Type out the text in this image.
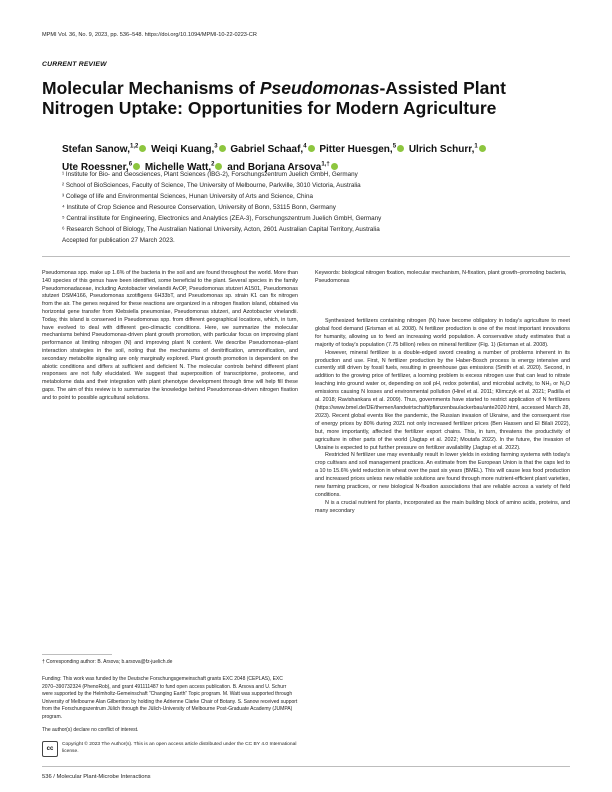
MPMI Vol. 36, No. 9, 2023, pp. 536–548. https://doi.org/10.1094/MPMI-10-22-0223-CR
CURRENT REVIEW
Molecular Mechanisms of Pseudomonas-Assisted Plant Nitrogen Uptake: Opportunities for Modern Agriculture
Stefan Sanow,$^{1,2}$ Weiqi Kuang,$^3$ Gabriel Schaaf,$^4$ Pitter Huesgen,$^5$ Ulrich Schurr,$^1$ Ute Roessner,$^6$ Michelle Watt,$^2$ and Borjana Arsova$^{1,\dagger}$
¹ Institute for Bio- and Geosciences, Plant Sciences (IBG-2), Forschungszentrum Juelich GmbH, Germany
² School of BioSciences, Faculty of Science, The University of Melbourne, Parkville, 3010 Victoria, Australia
³ College of life and Environmental Sciences, Hunan University of Arts and Science, China
⁴ Institute of Crop Science and Resource Conservation, University of Bonn, 53115 Bonn, Germany
⁵ Central institute for Engineering, Electronics and Analytics (ZEA-3), Forschungszentrum Juelich GmbH, Germany
⁶ Research School of Biology, The Australian National University, Acton, 2601 Australian Capital Territory, Australia
Accepted for publication 27 March 2023.
Pseudomonas spp. make up 1.6% of the bacteria in the soil and are found throughout the world. More than 140 species of this genus have been identified, some beneficial to the plant. Several species in the family Pseudomonadaceae, including Azotobacter vinelandii AvOP, Pseudomonas stutzeri A1501, Pseudomonas stutzeri DSM4166, Pseudomonas szotifigens 6H33bT, and Pseudomonas sp. strain K1 can fix nitrogen from the air. The genes required for these reactions are organized in a nitrogen fixation island, obtained via horizontal gene transfer from Klebsiella pneumoniae, Pseudomonas stutzeri, and Azotobacter vinelandii. Today, this island is conserved in Pseudomonas spp. from different geographical locations, which, in turn, have evolved to deal with different geo-climactic conditions. Here, we summarize the molecular mechanisms behind Pseudomonas-driven plant growth promotion, with particular focus on improving plant performance at limiting nitrogen (N) and improving plant N content. We describe Pseudomonas–plant interaction strategies in the soil, noting that the mechanisms of denitrification, ammonification, and secondary metabolite signaling are only marginally explored. Plant growth promotion is dependent on the abiotic conditions and differs at sufficient and deficient N. The molecular controls behind different plant responses are not fully elucidated. We suggest that superposition of transcriptome, proteome, and metabolome data and their integration with plant phenotype development through time will help fill these gaps. The aim of this review is to summarize the knowledge behind Pseudomonas-driven nitrogen fixation and to point to possible agricultural solutions.
† Corresponding author: B. Arsova; b.arsova@fz-juelich.de
Funding: This work was funded by the Deutsche Forschungsgemeinschaft grants EXC 2048 (CEPLAS), EXC 2070–390732324 (PhenoRob), and grant 491111487 to fund open access publication. B. Arsova and U. Schurr were supported by the Helmholtz-Gemeinschaft “Changing Earth” Topic program. M. Watt was supported through University of Melbourne Alan Gilbertson by holding the Adrienne Clarke Chair of Botany. S. Sanow received support from the Forschungszentrum Jülich through the Jülich-University of Melbourne Post-Graduate Academy (JUMPA) program.
The author(s) declare no conflict of interest.
cc
Copyright © 2023 The Author(s). This is an open access article distributed under the CC BY 4.0 International license.

Keywords: biological nitrogen fixation, molecular mechanism, N-fixation, plant growth–promoting bacteria, Pseudomonas

Synthesized fertilizers containing nitrogen (N) have become obligatory in today's agriculture to meet global food demand (Erisman et al. 2008). N fertilizer production is one of the most important innovations for humanity, allowing us to feed an increasing world population. A conservative study estimates that a majority of today's population (7.75 billion) relies on mineral fertilizer (Fig. 1) (Erisman et al. 2008).

However, mineral fertilizer is a double-edged sword creating a number of problems inherent in its production and use. First, N fertilizer production by the Haber-Bosch process is energy intensive and currently still driven by fossil fuels, resulting in greenhouse gas emissions (Smith et al. 2020). Second, in addition to the growing price of fertilizer, a looming problem is excess nitrogen use that can lead to nitrate leaching into ground water or, depending on soil pH, redox potential, and microbial activity, to NH₃ or N₂O emissions causing N losses and environmental pollution (Hirel et al. 2011; Klimczyk et al. 2021; Padilla et al. 2018; Ravishankara et al. 2009). Thus, governments have started to restrict application of N fertilizers (https://www.bmel.de/DE/themen/landwirtschaft/pflanzenbau/ackerbau/ante2020.html, accessed March 28, 2023). Recent global events like the pandemic, the Russian invasion of Ukraine, and the consequent rise of energy prices by 80% during 2021 not only increased fertilizer prices (Ben Hassen and El Bilali 2022), but, more importantly, affected the fertilizer export chains. This, in turn, threatens the productivity of agriculture in other parts of the world (Jagtap et al. 2022; Moutafa 2022). In the future, the invasion of Ukraine is expected to put further pressure on fertilizer availability (Jagtap et al. 2022).

Restricted N fertilizer use may eventually result in lower yields in existing farming systems with today's crop cultivars and soil management practices. An estimate from the European Union is that the caps led to a 10 to 15.6% yield reduction in wheat over the past six years (BMEL). This will cause less food production and increased prices unless new reliable solutions are found through more nutrient-efficient plant varieties, new farming practices, or new biological N-fixation associations that are reliable across a variety of field conditions.

N is a crucial nutrient for plants, incorporated as the main building block of amino acids, proteins, and many secondary

536 / Molecular Plant-Microbe Interactions
